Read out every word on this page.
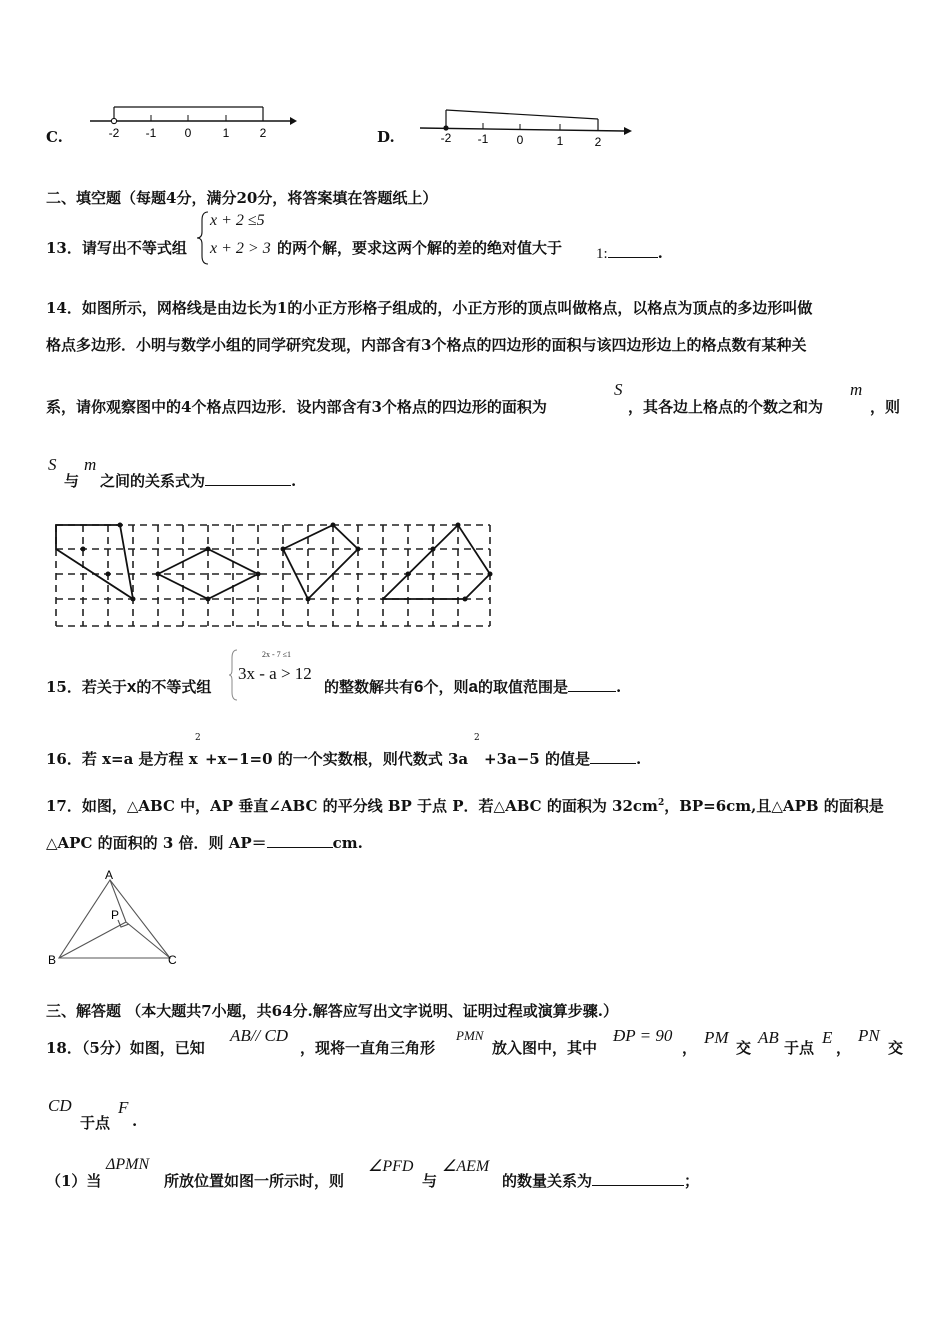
C.	-2 -1 0	1	2	D.	-2 -1 0	1	2
二、填空题（每题4分，满分20分，将答案填在答题纸上）
13．请写出不等式组
x + 2 ≤5
x + 2 > 3 的两个解，要求这两个解的差的绝对值大于 1:	.
14．如图所示，网格线是由边长为1的小正方形格子组成的，小正方形的顶点叫做格点，以格点为顶点的多边形叫做
格点多边形．小明与数学小组的同学研究发现，内部含有3个格点的四边形的面积与该四边形边上的格点数有某种关
系，请你观察图中的4个格点四边形．设内部含有3个格点的四边形的面积为
S
，其各边上格点的个数之和为
m
，则
S
与
m
之间的关系式为	.
15．若关于x的不等式组
2x - 7 ≤1
3x - a > 12
的整数解共有6个，则a的取值范围是	.
16．若 x=a 是方程 x
2
+x−1=0 的一个实数根，则代数式 3a
2
+3a−5 的值是	.
17．如图，△ABC 中，AP 垂直∠ABC 的平分线 BP 于点 P．若△ABC 的面积为 $32cm^2$，BP=6cm,且△APB 的面积是
△APC 的面积的 3 倍．则 AP＝	cm.
A
B	C
P
三、解答题 （本大题共7小题，共64分.解答应写出文字说明、证明过程或演算步骤.）
18．（5分）如图，已知
AB// CD
，现将一直角三角形
PMN
放入图中，其中
ÐP = 90
，
PM
交
AB
于点
E
，
PN
交
CD
于点
F
.
（1）当
ΔPMN
所放位置如图一所示时，则
∠PFD
与
∠AEM
的数量关系为	；
